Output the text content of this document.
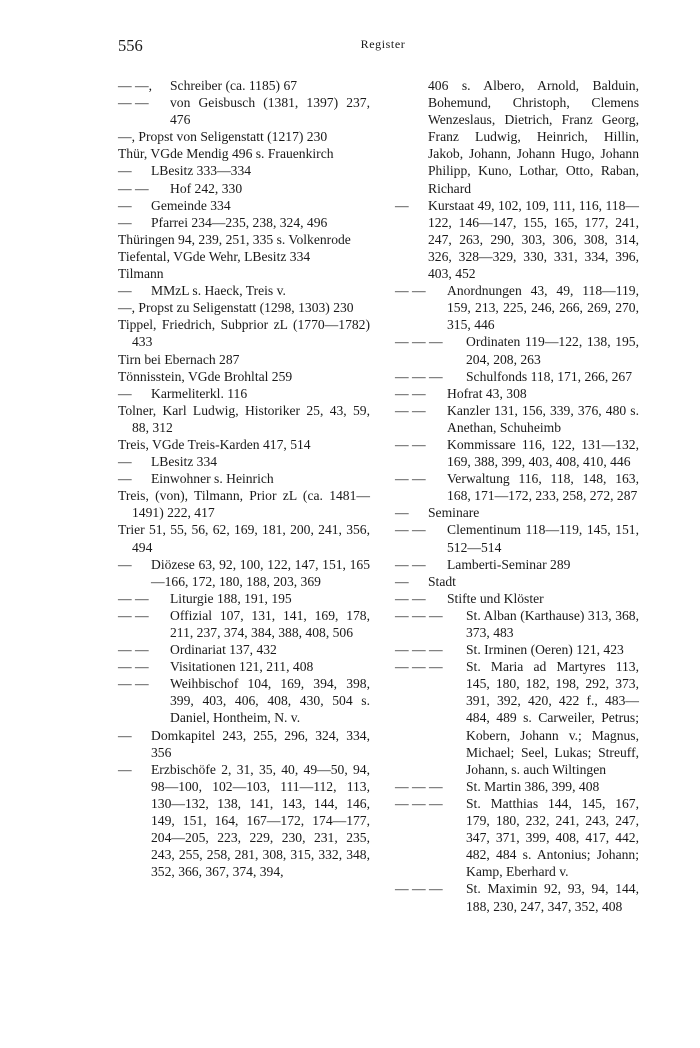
556	Register
— —, Schreiber (ca. 1185) 67
— — von Geisbusch (1381, 1397) 237, 476
—, Propst von Seligenstatt (1217) 230
Thür, VGde Mendig 496 s. Frauenkirch
— LBesitz 333—334
— — Hof 242, 330
— Gemeinde 334
— Pfarrei 234—235, 238, 324, 496
Thüringen 94, 239, 251, 335 s. Volkenrode
Tiefental, VGde Wehr, LBesitz 334
Tilmann
— MMzL s. Haeck, Treis v.
—, Propst zu Seligenstatt (1298, 1303) 230
Tippel, Friedrich, Subprior zL (1770—1782) 433
Tirn bei Ebernach 287
Tönnisstein, VGde Brohltal 259
— Karmeliterkl. 116
Tolner, Karl Ludwig, Historiker 25, 43, 59, 88, 312
Treis, VGde Treis-Karden 417, 514
— LBesitz 334
— Einwohner s. Heinrich
Treis, (von), Tilmann, Prior zL (ca. 1481—1491) 222, 417
Trier 51, 55, 56, 62, 169, 181, 200, 241, 356, 494
— Diözese 63, 92, 100, 122, 147, 151, 165—166, 172, 180, 188, 203, 369
— — Liturgie 188, 191, 195
— — Offizial 107, 131, 141, 169, 178, 211, 237, 374, 384, 388, 408, 506
— — Ordinariat 137, 432
— — Visitationen 121, 211, 408
— — Weihbischof 104, 169, 394, 398, 399, 403, 406, 408, 430, 504 s. Daniel, Hontheim, N. v.
— Domkapitel 243, 255, 296, 324, 334, 356
— Erzbischöfe 2, 31, 35, 40, 49—50, 94, 98—100, 102—103, 111—112, 113, 130—132, 138, 141, 143, 144, 146, 149, 151, 164, 167—172, 174—177, 204—205, 223, 229, 230, 231, 235, 243, 255, 258, 281, 308, 315, 332, 348, 352, 366, 367, 374, 394,
406 s. Albero, Arnold, Balduin, Bohemund, Christoph, Clemens Wenzeslaus, Dietrich, Franz Georg, Franz Ludwig, Heinrich, Hillin, Jakob, Johann, Johann Hugo, Johann Philipp, Kuno, Lothar, Otto, Raban, Richard
— Kurstaat 49, 102, 109, 111, 116, 118—122, 146—147, 155, 165, 177, 241, 247, 263, 290, 303, 306, 308, 314, 326, 328—329, 330, 331, 334, 396, 403, 452
— — Anordnungen 43, 49, 118—119, 159, 213, 225, 246, 266, 269, 270, 315, 446
— — — Ordinaten 119—122, 138, 195, 204, 208, 263
— — — Schulfonds 118, 171, 266, 267
— — Hofrat 43, 308
— — Kanzler 131, 156, 339, 376, 480 s. Anethan, Schuheimb
— — Kommissare 116, 122, 131—132, 169, 388, 399, 403, 408, 410, 446
— — Verwaltung 116, 118, 148, 163, 168, 171—172, 233, 258, 272, 287
— Seminare
— — Clementinum 118—119, 145, 151, 512—514
— — Lamberti-Seminar 289
— Stadt
— — Stifte und Klöster
— — — St. Alban (Karthause) 313, 368, 373, 483
— — — St. Irminen (Oeren) 121, 423
— — — St. Maria ad Martyres 113, 145, 180, 182, 198, 292, 373, 391, 392, 420, 422 f., 483—484, 489 s. Carweiler, Petrus; Kobern, Johann v.; Magnus, Michael; Seel, Lukas; Streuff, Johann, s. auch Wiltingen
— — — St. Martin 386, 399, 408
— — — St. Matthias 144, 145, 167, 179, 180, 232, 241, 243, 247, 347, 371, 399, 408, 417, 442, 482, 484 s. Antonius; Johann; Kamp, Eberhard v.
— — — St. Maximin 92, 93, 94, 144, 188, 230, 247, 347, 352, 408
